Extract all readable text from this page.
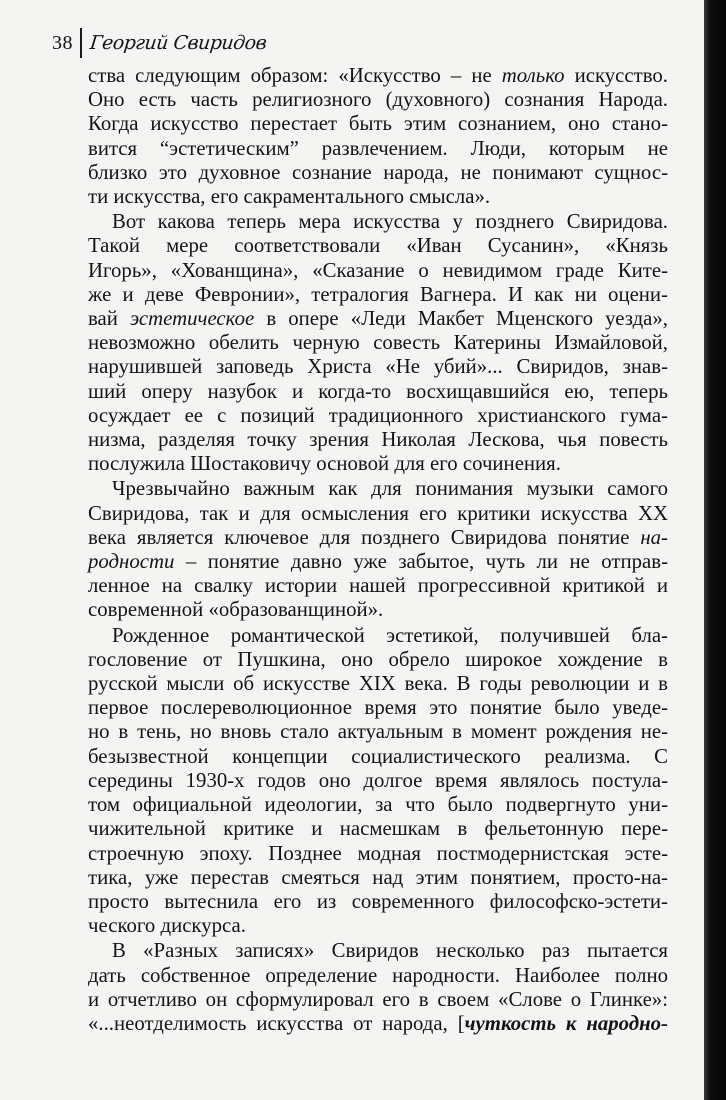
38 Георгий Свиридов

ства следующим образом: «Искусство – не только искусство.
Оно есть часть религиозного (духовного) сознания Народа.
Когда искусство перестает быть этим сознанием, оно стано-
вится “эстетическим” развлечением. Люди, которым не
близко это духовное сознание народа, не понимают сущнос-
ти искусства, его сакраментального смысла».

Вот какова теперь мера искусства у позднего Свиридова.
Такой мере соответствовали «Иван Сусанин», «Князь
Игорь», «Хованщина», «Сказание о невидимом граде Ките-
же и деве Февронии», тетралогия Вагнера. И как ни оцени-
вай эстетическое в опере «Леди Макбет Мценского уезда»,
невозможно обелить черную совесть Катерины Измайловой,
нарушившей заповедь Христа «Не убий»... Свиридов, знав-
ший оперу назубок и когда-то восхищавшийся ею, теперь
осуждает ее с позиций традиционного христианского гума-
низма, разделяя точку зрения Николая Лескова, чья повесть
послужила Шостаковичу основой для его сочинения.

Чрезвычайно важным как для понимания музыки самого
Свиридова, так и для осмысления его критики искусства XX
века является ключевое для позднего Свиридова понятие на-
родности – понятие давно уже забытое, чуть ли не отправ-
ленное на свалку истории нашей прогрессивной критикой и
современной «образованщиной».

Рожденное романтической эстетикой, получившей бла-
гословение от Пушкина, оно обрело широкое хождение в
русской мысли об искусстве XIX века. В годы революции и в
первое послереволюционное время это понятие было уведе-
но в тень, но вновь стало актуальным в момент рождения не-
безызвестной концепции социалистического реализма. С
середины 1930-х годов оно долгое время являлось постула-
том официальной идеологии, за что было подвергнуто уни-
чижительной критике и насмешкам в фельетонную пере-
строечную эпоху. Позднее модная постмодернистская эсте-
тика, уже перестав смеяться над этим понятием, просто-на-
просто вытеснила его из современного философско-эстети-
ческого дискурса.

В «Разных записях» Свиридов несколько раз пытается
дать собственное определение народности. Наиболее полно
и отчетливо он сформулировал его в своем «Слове о Глинке»:
«...неотделимость искусства от народа, [чуткость к народно-
